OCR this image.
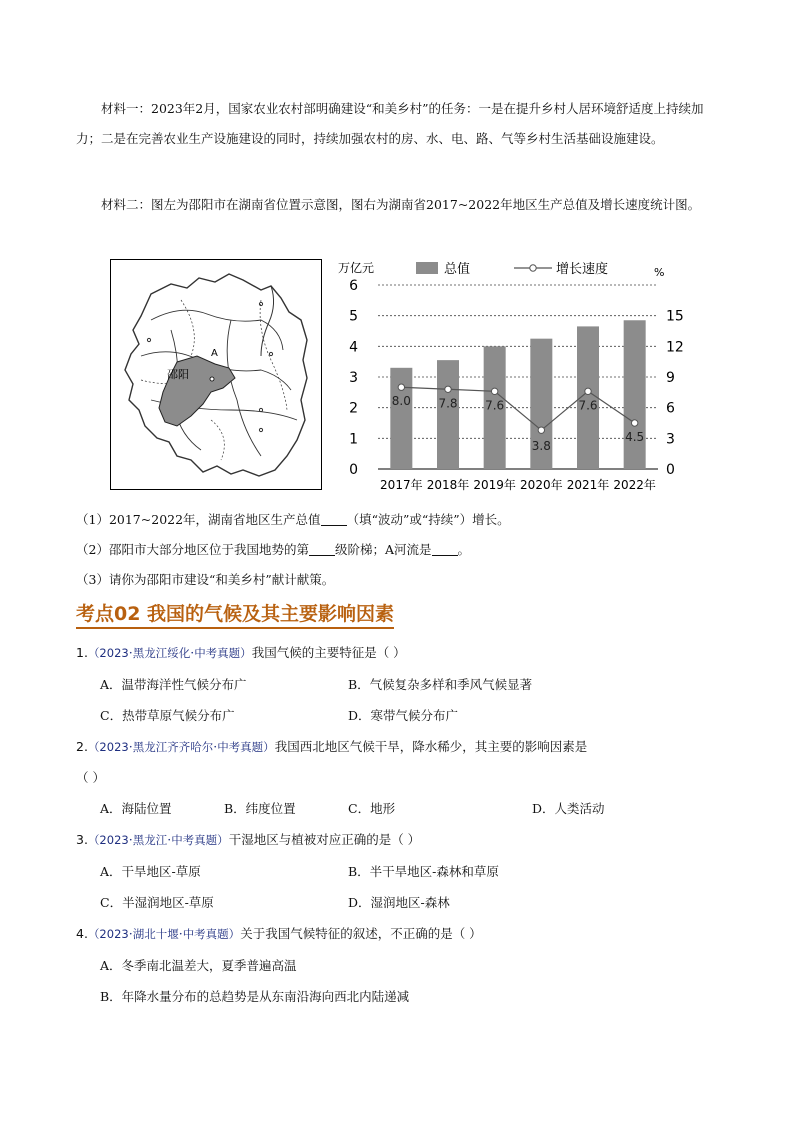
材料一：2023年2月，国家农业农村部明确建设“和美乡村”的任务：一是在提升乡村人居环境舒适度上持续加力；二是在完善农业生产设施建设的同时，持续加强农村的房、水、电、路、气等乡村生活基础设施建设。
材料二：图左为邵阳市在湖南省位置示意图，图右为湖南省2017~2022年地区生产总值及增长速度统计图。
邵阳
A
0
1
2
3
4
5
6
0
3
6
9
12
15
8.0 7.8 7.6
3.8
7.6
4.5
2017年 2018年 2019年 2020年 2021年 2022年
万亿元	%
总值	增长速度
（1）2017~2022年，湖南省地区生产总值 （填“波动”或“持续”）增长。
（2）邵阳市大部分地区位于我国地势的第 级阶梯；A河流是 。
（3）请你为邵阳市建设“和美乡村”献计献策。
考点02 我国的气候及其主要影响因素
1.（2023·黑龙江绥化·中考真题）我国气候的主要特征是（ ）
A．温带海洋性气候分布广	B．气候复杂多样和季风气候显著
C．热带草原气候分布广	D．寒带气候分布广
2.（2023·黑龙江齐齐哈尔·中考真题）我国西北地区气候干旱，降水稀少，其主要的影响因素是
（ ）
A．海陆位置	B．纬度位置	C．地形	D．人类活动
3.（2023·黑龙江·中考真题）干湿地区与植被对应正确的是（ ）
A．干旱地区-草原	B．半干旱地区-森林和草原
C．半湿润地区-草原	D．湿润地区-森林
4.（2023·湖北十堰·中考真题）关于我国气候特征的叙述，不正确的是（ ）
A．冬季南北温差大，夏季普遍高温
B．年降水量分布的总趋势是从东南沿海向西北内陆递减
